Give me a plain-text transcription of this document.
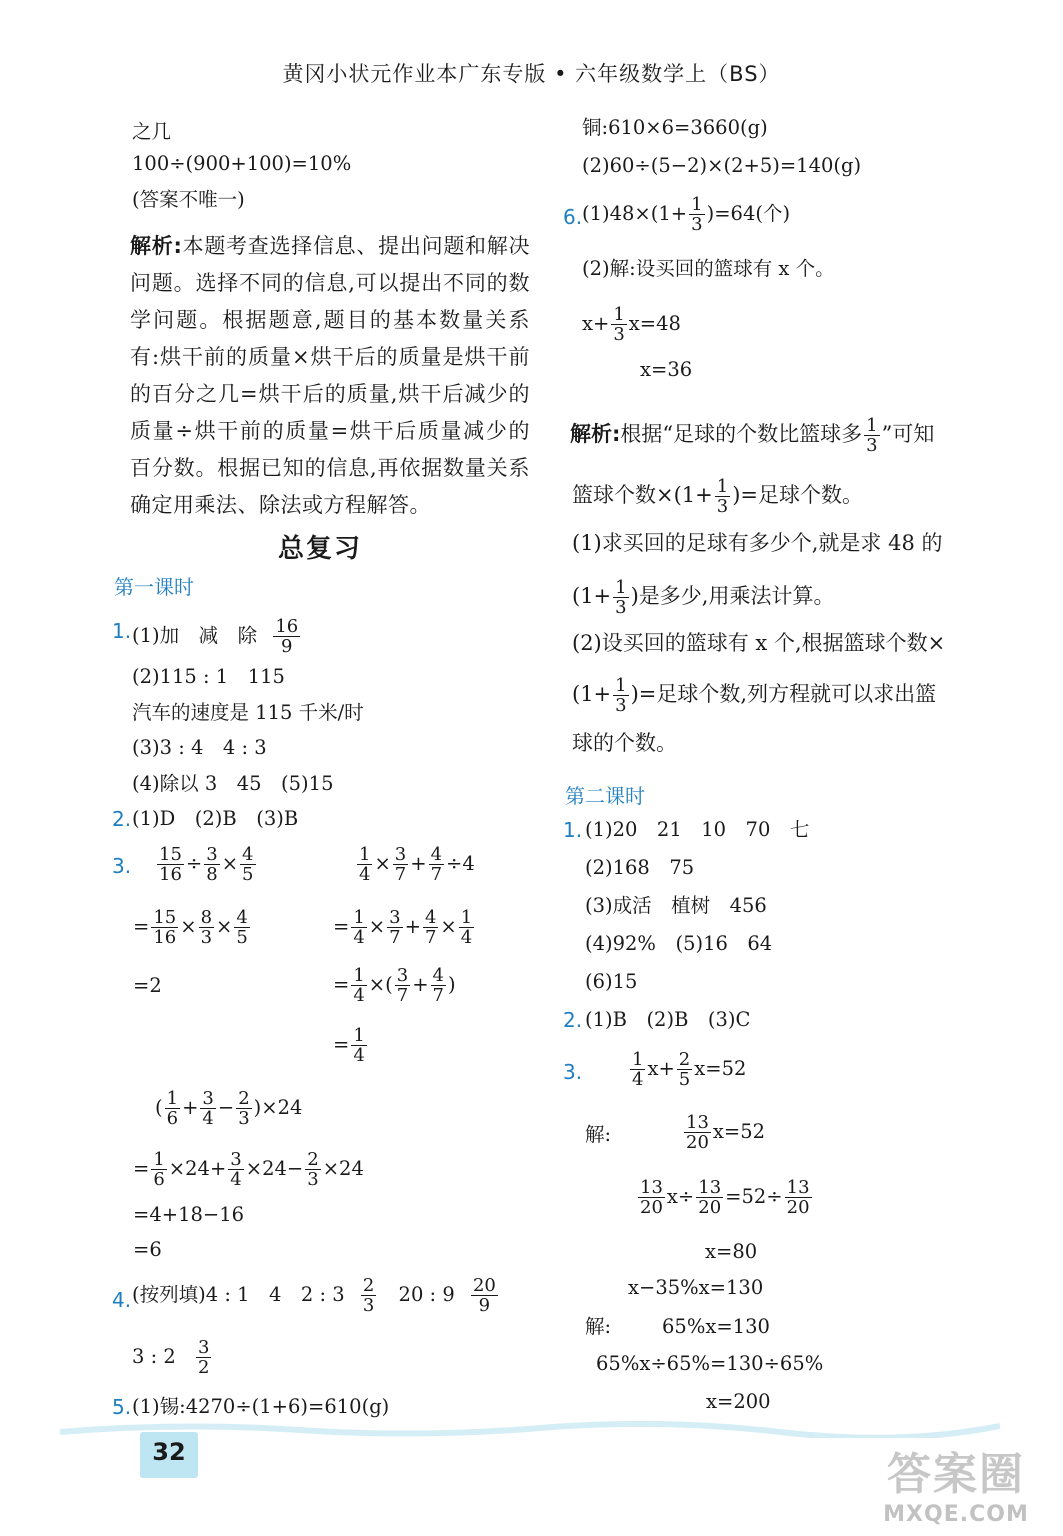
黄冈小状元作业本广东专版 • 六年级数学上（BS）
之几
100÷(900+100)=10%
(答案不唯一)
解析:本题考查选择信息、提出问题和解决问题。选择不同的信息,可以提出不同的数学问题。根据题意,题目的基本数量关系有:烘干前的质量×烘干后的质量是烘干前的百分之几=烘干后的质量,烘干后减少的质量÷烘干前的质量=烘干后质量减少的百分数。根据已知的信息,再依据数量关系确定用乘法、除法或方程解答。
总复习
第一课时
1. (1)加　减　除 $\frac{16}{9}$
(2)115 : 1　115
汽车的速度是 115 千米/时
(3)3 : 4　4 : 3
(4)除以 3　45　(5)15
2. (1)D　(2)B　(3)B
3. $\frac{15}{16} \div \frac{3}{8} \times \frac{4}{5}$
= $\frac{15}{16} \times \frac{8}{3} \times \frac{4}{5}$
=2
$\frac{1}{4} \times \frac{3}{7} + \frac{4}{7} \div 4$
= $\frac{1}{4} \times \frac{3}{7} + \frac{4}{7} \times \frac{1}{4}$
= $\frac{1}{4}$ ×( $\frac{3}{7} + \frac{4}{7}$ )
= $\frac{1}{4}$
( $\frac{1}{6} + \frac{3}{4} - \frac{2}{3} )\times 24$
= $\frac{1}{6} \times 24+ \frac{3}{4} \times 24- \frac{2}{3} \times 24$
=4+18−16
=6
4. (按列填)4 : 1　4　2 : $3 \frac{2}{3} 20$ : $9 \frac{20}{9}$
3 : $2 \frac{3}{2}$
5. (1)锡:4270÷(1+6)=610(g)
铜:610×6=3660(g)
(2)60÷(5−2)×(2+5)=140(g)
6. $(1)48\times(1+ \frac{1}{3} )=64$(个)
(2)解:设买回的篮球有 x 个。
$x+ \frac{1}{3} x=48$
x=36
解析:根据“足球的个数比篮球多 $\frac{1}{3}$ ”可知
篮球个数$\times(1+ \frac{1}{3}$ )=足球个数。
(1)求买回的足球有多少个,就是求 48 的
($1+ \frac{1}{3}$ )是多少,用乘法计算。
(2)设买回的篮球有 x 个,根据篮球个数×
($1+ \frac{1}{3}$ )=足球个数,列方程就可以求出篮
球的个数。
第二课时
1. (1)20　21　10　70　七
(2)168　75
(3)成活　植树　456
(4)92%　(5)16　64
(6)15
2. (1)B　(2)B　(3)C
3.	$\frac{1}{4} x+ \frac{2}{5} x=52$
解:	$\frac{13}{20} x=52$
$\frac{13}{20} x\div \frac{13}{20} =52\div \frac{13}{20}$
x=80
x−35%x=130
解:	65%x=130
65%x÷65%=130÷65%
x=200
32	答案圈
MXQE.COM
